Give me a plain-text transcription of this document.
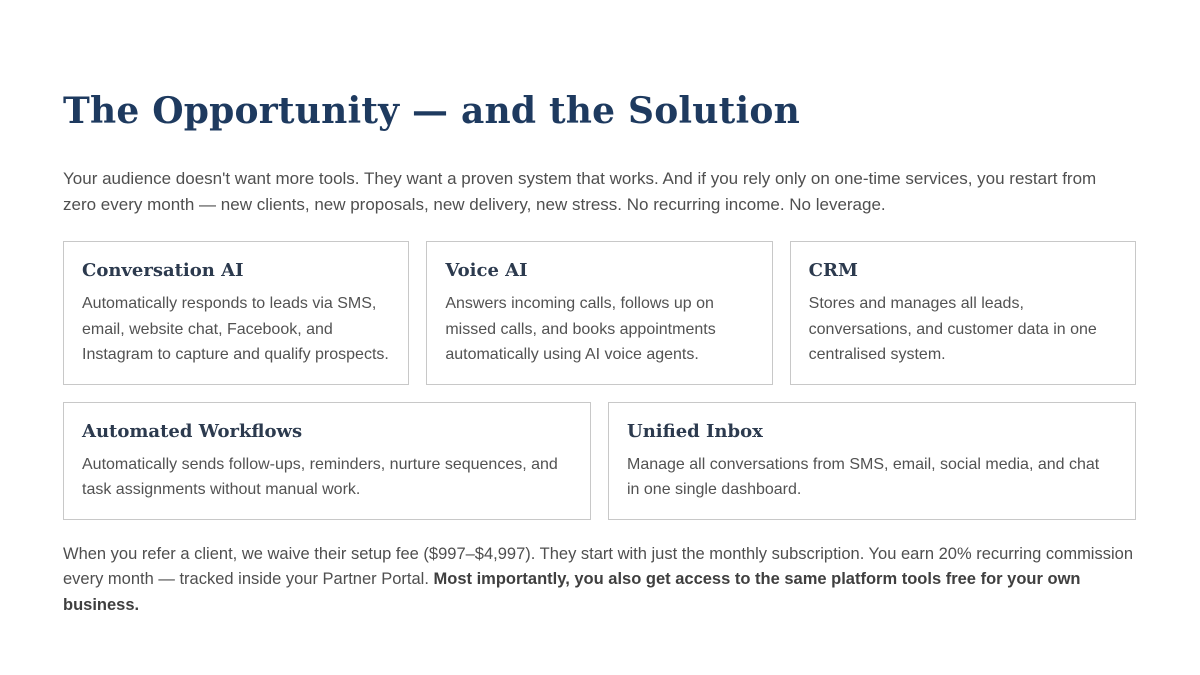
The Opportunity — and the Solution

Your audience doesn't want more tools. They want a proven system that works. And if you rely only on one-time services, you restart from zero every month — new clients, new proposals, new delivery, new stress. No recurring income. No leverage.

Conversation AI

Automatically responds to leads via SMS, email, website chat, Facebook, and Instagram to capture and qualify prospects.

Voice AI

Answers incoming calls, follows up on missed calls, and books appointments automatically using AI voice agents.

CRM

Stores and manages all leads, conversations, and customer data in one centralised system.

Automated Workflows

Automatically sends follow-ups, reminders, nurture sequences, and task assignments without manual work.

Unified Inbox

Manage all conversations from SMS, email, social media, and chat in one single dashboard.

When you refer a client, we waive their setup fee ($997–$4,997). They start with just the monthly subscription. You earn 20% recurring commission every month — tracked inside your Partner Portal. Most importantly, you also get access to the same platform tools free for your own business.
